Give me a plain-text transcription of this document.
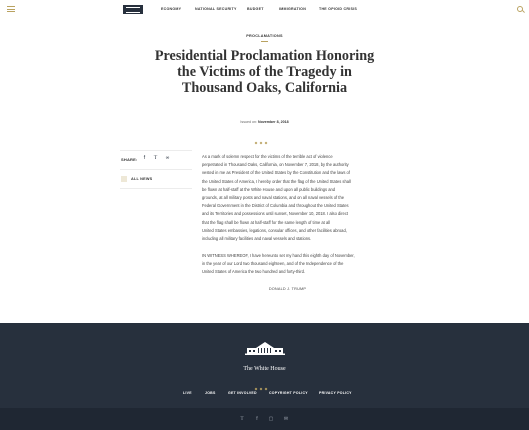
ECONOMY	NATIONAL SECURITY	BUDGET	IMMIGRATION	THE OPIOID CRISIS
PROCLAMATIONS
Presidential Proclamation Honoring the Victims of the Tragedy in Thousand Oaks, California
Issued on: November 8, 2018
SHARE:	f	𝕋	∞
ALL NEWS
As a mark of solemn respect for the victims of the terrible act of violence
perpetrated in Thousand Oaks, California, on November 7, 2018, by the authority
vested in me as President of the United States by the Constitution and the laws of
the United States of America, I hereby order that the flag of the United States shall
be flown at half-staff at the White House and upon all public buildings and
grounds, at all military posts and naval stations, and on all naval vessels of the
Federal Government in the District of Columbia and throughout the United States
and its Territories and possessions until sunset, November 10, 2018. I also direct
that the flag shall be flown at half-staff for the same length of time at all
United States embassies, legations, consular offices, and other facilities abroad,
including all military facilities and naval vessels and stations.
IN WITNESS WHEREOF, I have hereunto set my hand this eighth day of November,
in the year of our Lord two thousand eighteen, and of the Independence of the
United States of America the two hundred and forty-third.
DONALD J. TRUMP
The White House
LIVE	JOBS	GET INVOLVED	COPYRIGHT POLICY	PRIVACY POLICY
𝕋	f	▢	✉
